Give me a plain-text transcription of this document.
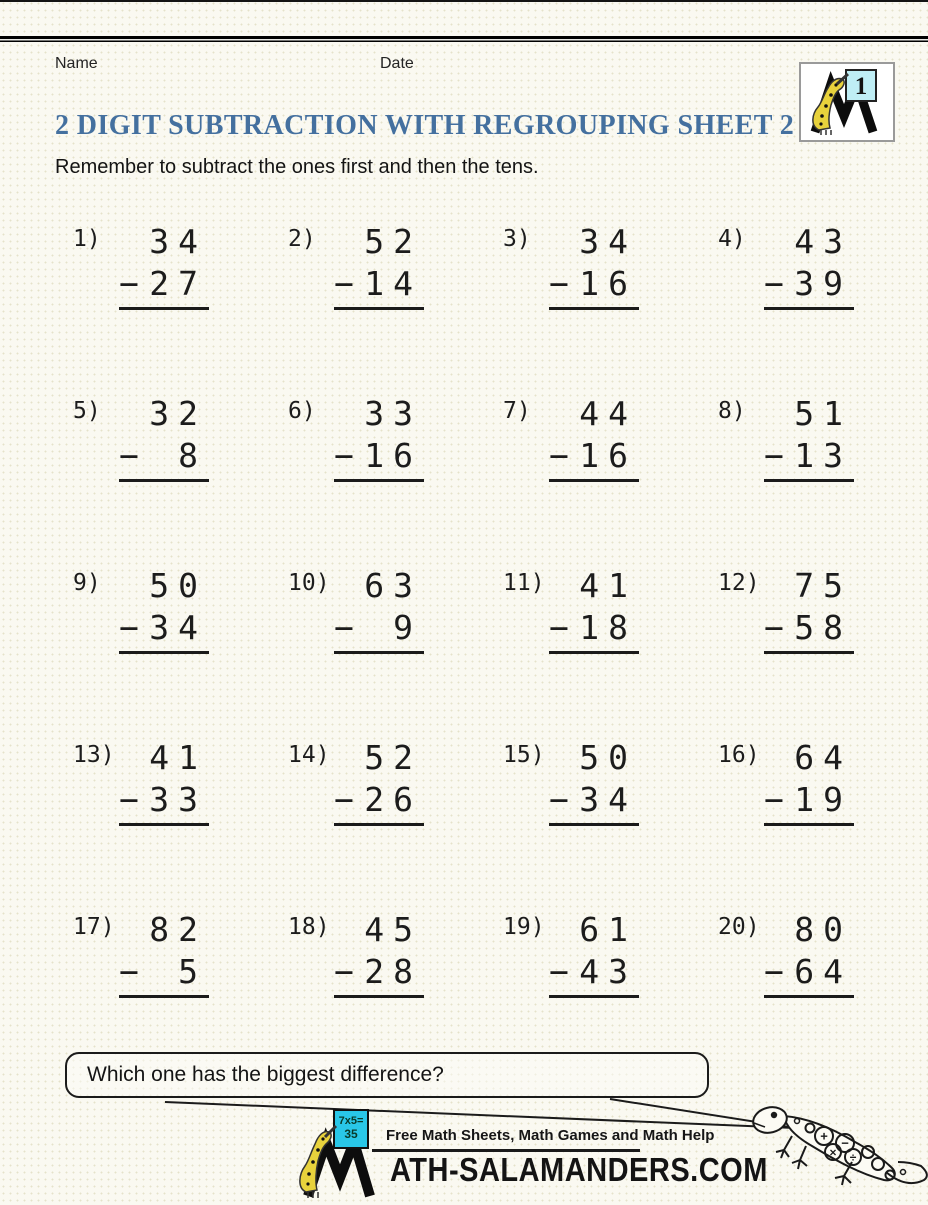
Name	Date
1
2 DIGIT SUBTRACTION WITH REGROUPING SHEET 2
Remember to subtract the ones first and then the tens.
1)	34
− 27
2)	52
− 14
3)	34
− 16
4)	43
− 39
5)	32
− 8
6)	33
− 16
7)	44
− 16
8)	51
− 13
9)	50
− 34
10)	63
− 9
11)	41
− 18
12)	75
− 58
13)	41
− 33
14)	52
− 26
15)	50
− 34
16)	64
− 19
17)	82
− 5
18)	45
− 28
19)	61
− 43
20)	80
− 64
Which one has the biggest difference?
7x5=
35 Free Math Sheets, Math Games and Math Help
ATH-SALAMANDERS.COM
+ −
× ÷
